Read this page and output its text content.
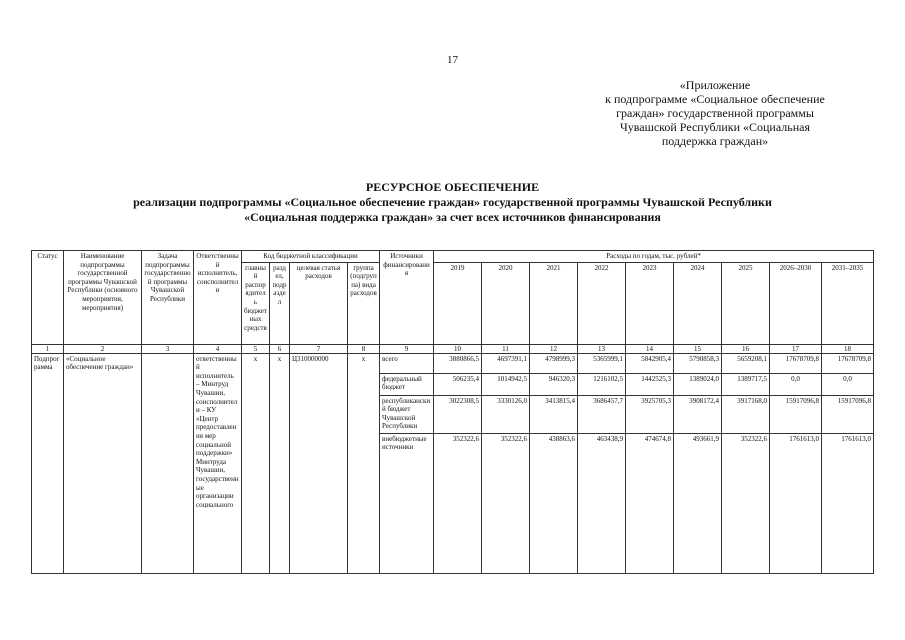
17
«Приложение
к подпрограмме «Социальное обеспечение
граждан» государственной программы
Чувашской Республики «Социальная
поддержка граждан»
РЕСУРСНОЕ ОБЕСПЕЧЕНИЕ
реализации подпрограммы «Социальное обеспечение граждан» государственной программы Чувашской Республики
«Социальная поддержка граждан» за счет всех источников финансирования
Статус	Наименование подпрограммы государственной программы Чувашской Республики (основного мероприятия, мероприятия)	Задача подпрограммы государственной программы Чувашской Республики	Ответственный исполнитель, соисполнители	Код бюджетной классификации				Источники финансирования	Расходы по годам, тыс. рублей*								
				главный распорядитель бюджетных средств	раздел, подраздел	целевая статья расходов	группа (подгруппа) вида расходов		2019	2020	2021	2022	2023	2024	2025	2026–2030	2031–2035
1	2	3	4	5	6	7	8	9	10	11	12	13	14	15	16	17	18
Подпрограмма	«Социальное обеспечение граждан»		ответственный исполнитель – Минтруд Чувашии, соисполнители – КУ «Центр предоставления мер социальной поддержки» Минтруда Чувашии, государственные организации социального	x	x	Ц310000000	x	всего	3880866,5	4697391,1	4798999,3	5365999,1	5842905,4	5790858,3	5659208,1	17678709,8	17678709,8
								федеральный бюджет	506235,4	1014942,5	946320,3	1216102,5	1442525,3	1389024,0	1389717,5	0,0	0,0
								республиканский бюджет Чувашской Республики	3022308,5	3330126,0	3413815,4	3686457,7	3925705,3	3908172,4	3917168,0	15917096,8	15917096,8
								внебюджетные источники	352322,6	352322,6	438863,6	463438,9	474674,8	493661,9	352322,6	1761613,0	1761613,0
